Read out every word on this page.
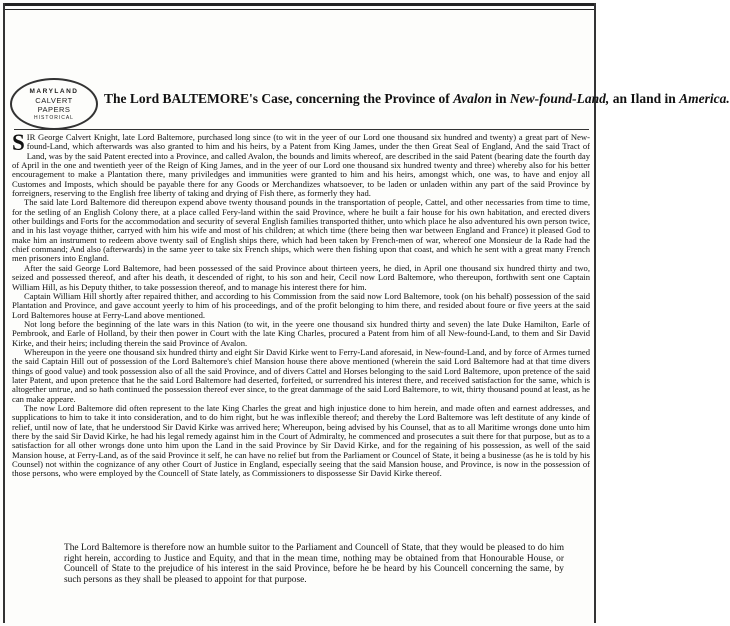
MARYLAND
CALVERT
PAPERS
HISTORICAL
The Lord BALTEMORE's Case, concerning the Province of Avalon in New-found-Land, an Iland in America.

SIR George Calvert Knight, late Lord Baltemore, purchased long since (to wit in the yeer of our Lord one thousand six hundred and twenty) a great part of New-found-Land, which afterwards was also granted to him and his heirs, by a Patent from King James, under the then Great Seal of England, And the said Tract of Land, was by the said Patent erected into a Province, and called Avalon, the bounds and limits whereof, are described in the said Patent (bearing date the fourth day of April in the one and twentieth yeer of the Reign of King James, and in the yeer of our Lord one thousand six hundred twenty and three) whereby also for his better encouragement to make a Plantation there, many priviledges and immunities were granted to him and his heirs, amongst which, one was, to have and enjoy all Customes and Imposts, which should be payable there for any Goods or Merchandizes whatsoever, to be laden or unladen within any part of the said Province by forreigners, reserving to the English free liberty of taking and drying of Fish there, as formerly they had.

The said late Lord Baltemore did thereupon expend above twenty thousand pounds in the transportation of people, Cattel, and other necessaries from time to time, for the setling of an English Colony there, at a place called Fery-land within the said Province, where he built a fair house for his own habitation, and erected divers other buildings and Forts for the accommodation and security of several English families transported thither, unto which place he also adventured his own person twice, and in his last voyage thither, carryed with him his wife and most of his children; at which time (there being then war between England and France) it pleased God to make him an instrument to redeem above twenty sail of English ships there, which had been taken by French-men of war, whereof one Monsieur de la Rade had the chief command; And also (afterwards) in the same yeer to take six French ships, which were then fishing upon that coast, and which he sent with a great many French men prisoners into England.

After the said George Lord Baltemore, had been possessed of the said Province about thirteen yeers, he died, in April one thousand six hundred thirty and two, seized and possessed thereof, and after his death, it descended of right, to his son and heir, Cecil now Lord Baltemore, who thereupon, forthwith sent one Captain William Hill, as his Deputy thither, to take possession thereof, and to manage his interest there for him.

Captain William Hill shortly after repaired thither, and according to his Commission from the said now Lord Baltemore, took (on his behalf) possession of the said Plantation and Province, and gave account yeerly to him of his proceedings, and of the profit belonging to him there, and resided about foure or five yeers at the said Lord Baltemores house at Ferry-Land above mentioned.

Not long before the beginning of the late wars in this Nation (to wit, in the yeere one thousand six hundred thirty and seven) the late Duke Hamilton, Earle of Pembrook, and Earle of Holland, by their then power in Court with the late King Charles, procured a Patent from him of all New-found-Land, to them and Sir David Kirke, and their heirs; including therein the said Province of Avalon.

Whereupon in the yeere one thousand six hundred thirty and eight Sir David Kirke went to Ferry-Land aforesaid, in New-found-Land, and by force of Armes turned the said Captain Hill out of possession of the Lord Baltemore's chief Mansion house there above mentioned (wherein the said Lord Baltemore had at that time divers things of good value) and took possession also of all the said Province, and of divers Cattel and Horses belonging to the said Lord Baltemore, upon pretence of the said later Patent, and upon pretence that he the said Lord Baltemore had deserted, forfeited, or surrendred his interest there, and received satisfaction for the same, which is altogether untrue, and so hath continued the possession thereof ever since, to the great dammage of the said Lord Baltemore, to wit, thirty thousand pound at least, as he can make appeare.

The now Lord Baltemore did often represent to the late King Charles the great and high injustice done to him herein, and made often and earnest addresses, and supplications to him to take it into consideration, and to do him right, but he was inflexible thereof; and thereby the Lord Baltemore was left destitute of any kinde of relief, until now of late, that he understood Sir David Kirke was arrived here; Whereupon, being advised by his Counsel, that as to all Maritime wrongs done unto him there by the said Sir David Kirke, he had his legal remedy against him in the Court of Admiralty, he commenced and prosecutes a suit there for that purpose, but as to a satisfaction for all other wrongs done unto him upon the Land in the said Province by Sir David Kirke, and for the regaining of his possession, as well of the said Mansion house, at Ferry-Land, as of the said Province it self, he can have no relief but from the Parliament or Councel of State, it being a businesse (as he is told by his Counsel) not within the cognizance of any other Court of Justice in England, especially seeing that the said Mansion house, and Province, is now in the possession of those persons, who were employed by the Councell of State lately, as Commissioners to dispossesse Sir David Kirke thereof.

The Lord Baltemore is therefore now an humble suitor to the Parliament and Councell of State, that they would be pleased to do him right herein, according to Justice and Equity, and that in the mean time, nothing may be obtained from that Honourable House, or Councell of State to the prejudice of his interest in the said Province, before he be heard by his Councell concerning the same, by such persons as they shall be pleased to appoint for that purpose.
